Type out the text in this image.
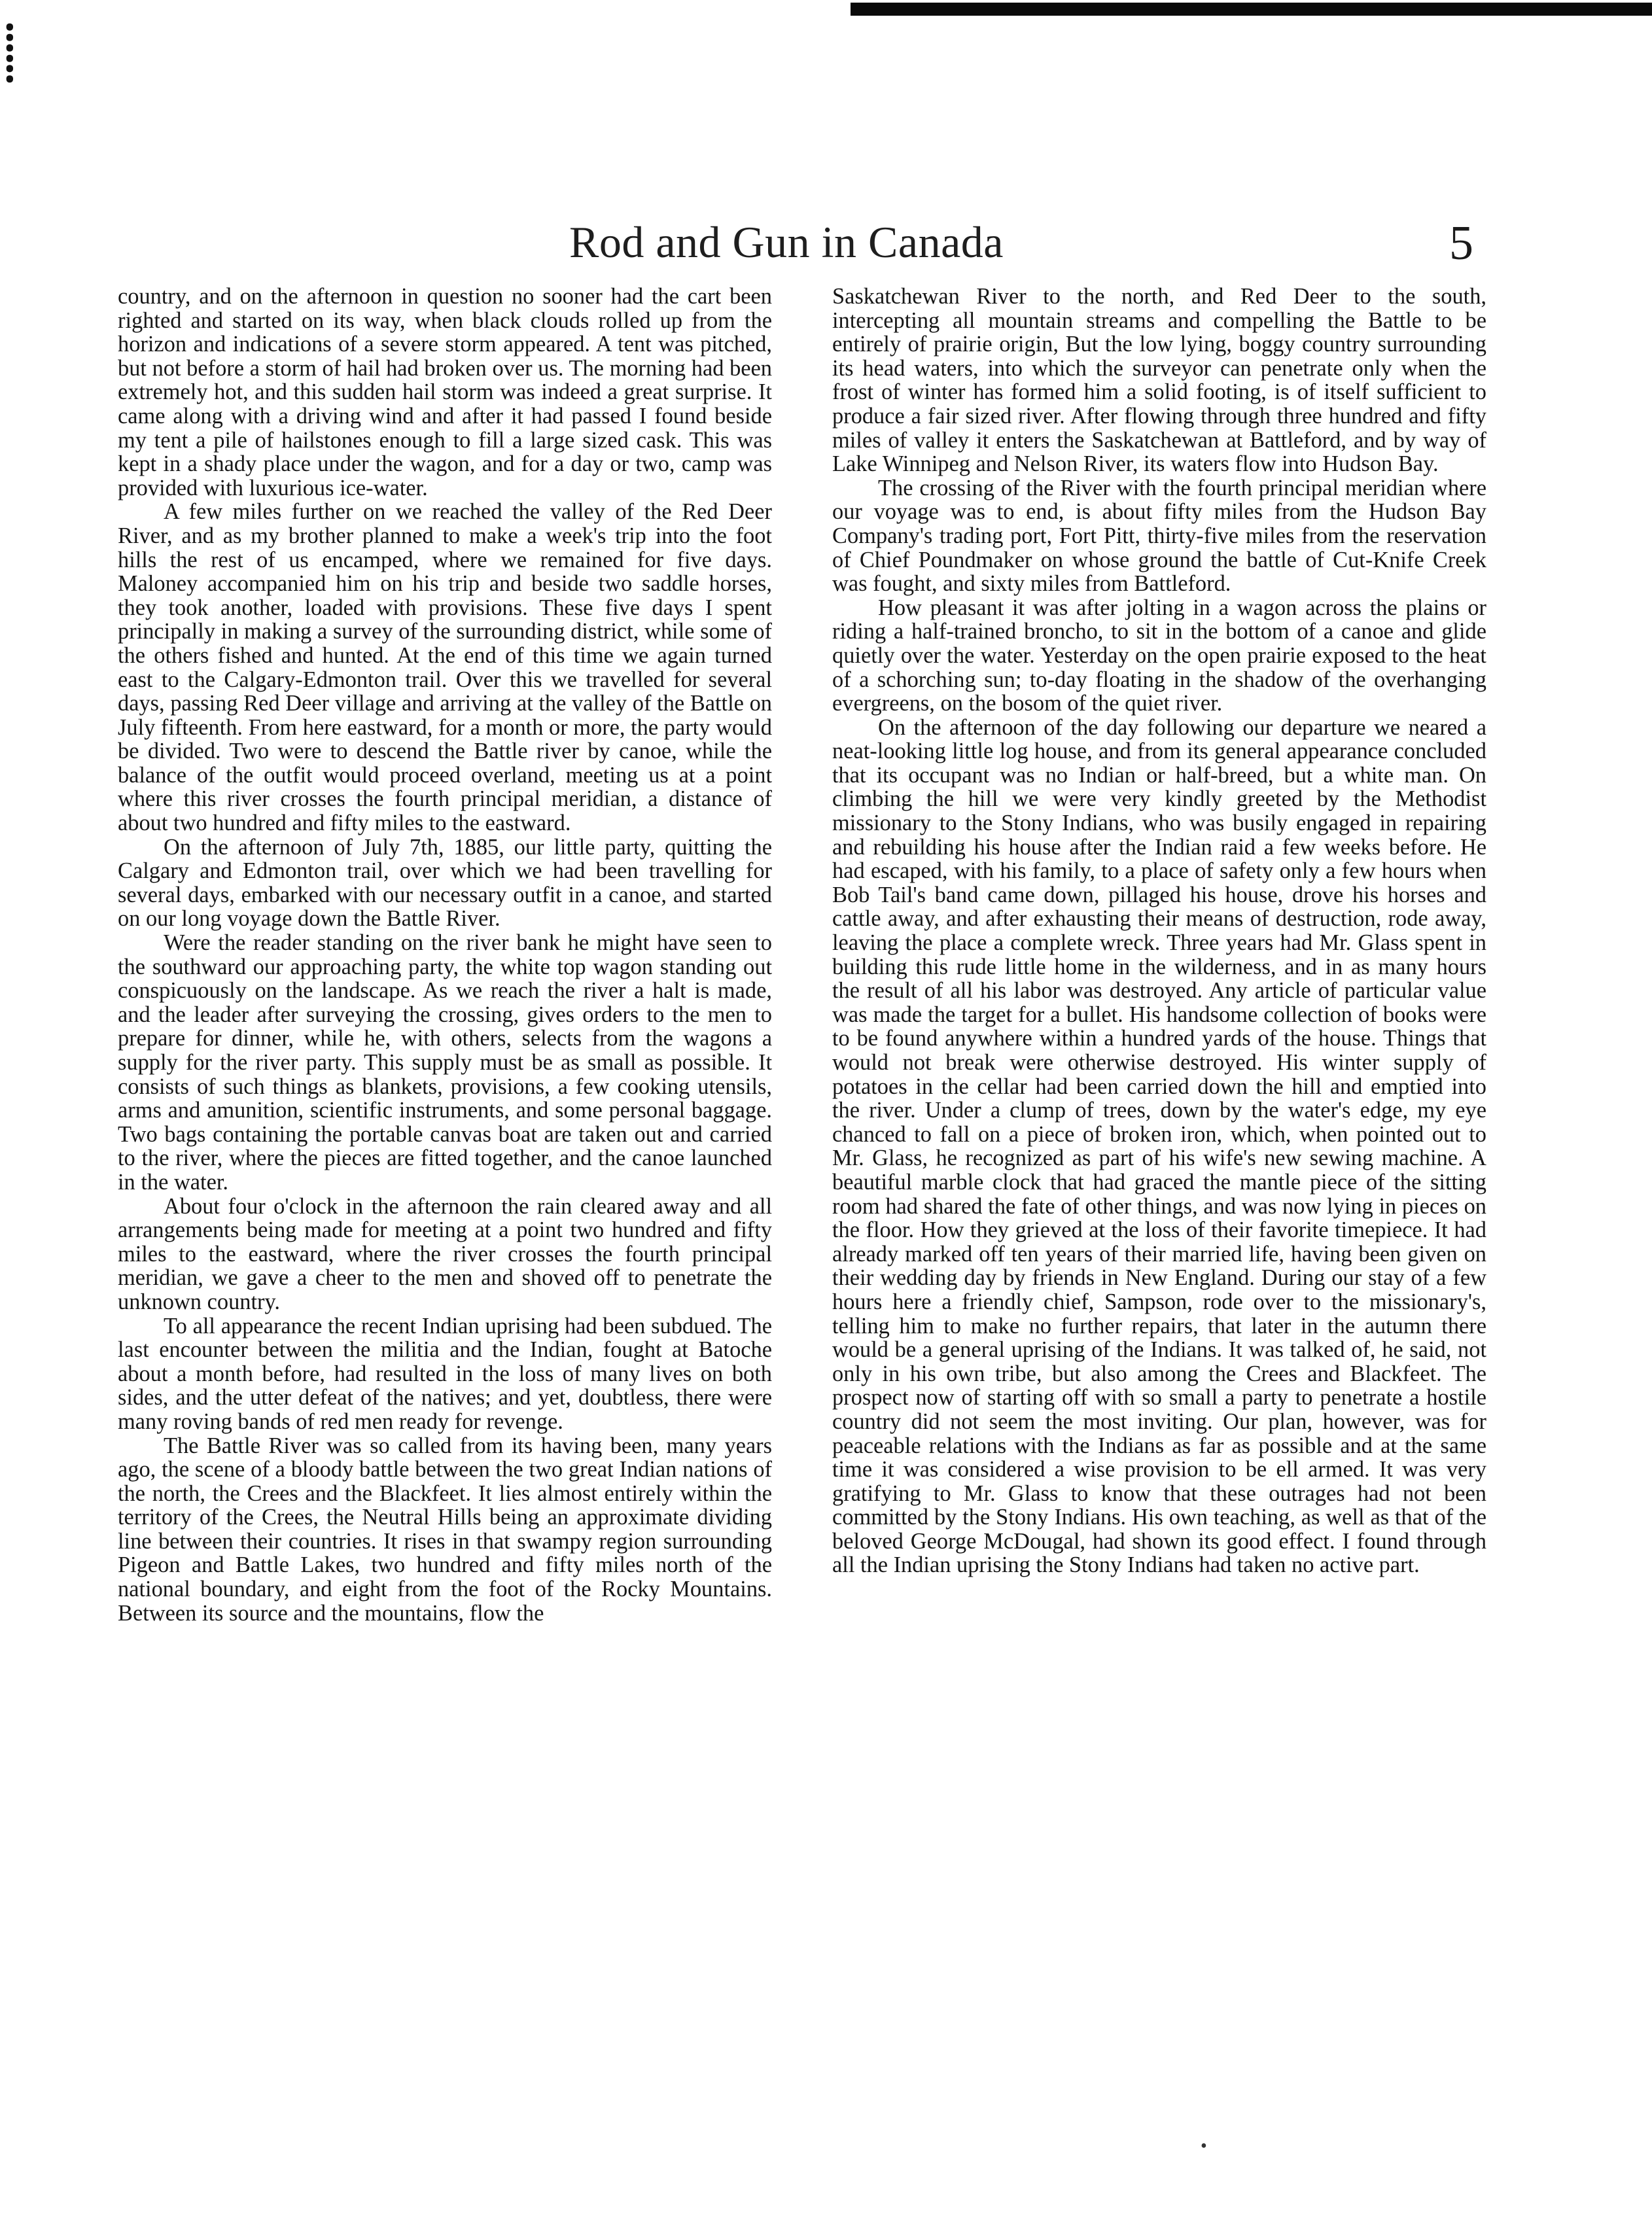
⸽
Rod and Gun in Canada	5

country, and on the afternoon in question no sooner had the cart been righted and started on its way, when black clouds rolled up from the horizon and indications of a severe storm appeared. A tent was pitched, but not before a storm of hail had broken over us. The morning had been extremely hot, and this sudden hail storm was indeed a great surprise. It came along with a driving wind and after it had passed I found beside my tent a pile of hailstones enough to fill a large sized cask. This was kept in a shady place under the wagon, and for a day or two, camp was provided with luxurious ice-water.

A few miles further on we reached the valley of the Red Deer River, and as my brother planned to make a week's trip into the foot hills the rest of us encamped, where we remained for five days. Maloney accompanied him on his trip and beside two saddle horses, they took another, loaded with provisions. These five days I spent principally in making a survey of the surrounding district, while some of the others fished and hunted. At the end of this time we again turned east to the Calgary-Edmonton trail. Over this we travelled for several days, passing Red Deer village and arriving at the valley of the Battle on July fifteenth. From here eastward, for a month or more, the party would be divided. Two were to descend the Battle river by canoe, while the balance of the outfit would proceed overland, meeting us at a point where this river crosses the fourth principal meridian, a distance of about two hundred and fifty miles to the eastward.

On the afternoon of July 7th, 1885, our little party, quitting the Calgary and Edmonton trail, over which we had been travelling for several days, embarked with our necessary outfit in a canoe, and started on our long voyage down the Battle River.

Were the reader standing on the river bank he might have seen to the southward our approaching party, the white top wagon standing out conspicuously on the landscape. As we reach the river a halt is made, and the leader after surveying the crossing, gives orders to the men to prepare for dinner, while he, with others, selects from the wagons a supply for the river party. This supply must be as small as possible. It consists of such things as blankets, provisions, a few cooking utensils, arms and amunition, scientific instruments, and some personal baggage. Two bags containing the portable canvas boat are taken out and carried to the river, where the pieces are fitted together, and the canoe launched in the water.

About four o'clock in the afternoon the rain cleared away and all arrangements being made for meeting at a point two hundred and fifty miles to the eastward, where the river crosses the fourth principal meridian, we gave a cheer to the men and shoved off to penetrate the unknown country.

To all appearance the recent Indian uprising had been subdued. The last encounter between the militia and the Indian, fought at Batoche about a month before, had resulted in the loss of many lives on both sides, and the utter defeat of the natives; and yet, doubtless, there were many roving bands of red men ready for revenge.

The Battle River was so called from its having been, many years ago, the scene of a bloody battle between the two great Indian nations of the north, the Crees and the Blackfeet. It lies almost entirely within the territory of the Crees, the Neutral Hills being an approximate dividing line between their countries. It rises in that swampy region surrounding Pigeon and Battle Lakes, two hundred and fifty miles north of the national boundary, and eight from the foot of the Rocky Mountains. Between its source and the mountains, flow the

Saskatchewan River to the north, and Red Deer to the south, intercepting all mountain streams and compelling the Battle to be entirely of prairie origin, But the low lying, boggy country surrounding its head waters, into which the surveyor can penetrate only when the frost of winter has formed him a solid footing, is of itself sufficient to produce a fair sized river. After flowing through three hundred and fifty miles of valley it enters the Saskatchewan at Battleford, and by way of Lake Winnipeg and Nelson River, its waters flow into Hudson Bay.

The crossing of the River with the fourth principal meridian where our voyage was to end, is about fifty miles from the Hudson Bay Company's trading port, Fort Pitt, thirty-five miles from the reservation of Chief Poundmaker on whose ground the battle of Cut-Knife Creek was fought, and sixty miles from Battleford.

How pleasant it was after jolting in a wagon across the plains or riding a half-trained broncho, to sit in the bottom of a canoe and glide quietly over the water. Yesterday on the open prairie exposed to the heat of a schorching sun; to-day floating in the shadow of the overhanging evergreens, on the bosom of the quiet river.

On the afternoon of the day following our departure we neared a neat-looking little log house, and from its general appearance concluded that its occupant was no Indian or half-breed, but a white man. On climbing the hill we were very kindly greeted by the Methodist missionary to the Stony Indians, who was busily engaged in repairing and rebuilding his house after the Indian raid a few weeks before. He had escaped, with his family, to a place of safety only a few hours when Bob Tail's band came down, pillaged his house, drove his horses and cattle away, and after exhausting their means of destruction, rode away, leaving the place a complete wreck. Three years had Mr. Glass spent in building this rude little home in the wilderness, and in as many hours the result of all his labor was destroyed. Any article of particular value was made the target for a bullet. His handsome collection of books were to be found anywhere within a hundred yards of the house. Things that would not break were otherwise destroyed. His winter supply of potatoes in the cellar had been carried down the hill and emptied into the river. Under a clump of trees, down by the water's edge, my eye chanced to fall on a piece of broken iron, which, when pointed out to Mr. Glass, he recognized as part of his wife's new sewing machine. A beautiful marble clock that had graced the mantle piece of the sitting room had shared the fate of other things, and was now lying in pieces on the floor. How they grieved at the loss of their favorite timepiece. It had already marked off ten years of their married life, having been given on their wedding day by friends in New England. During our stay of a few hours here a friendly chief, Sampson, rode over to the missionary's, telling him to make no further repairs, that later in the autumn there would be a general uprising of the Indians. It was talked of, he said, not only in his own tribe, but also among the Crees and Blackfeet. The prospect now of starting off with so small a party to penetrate a hostile country did not seem the most inviting. Our plan, however, was for peaceable relations with the Indians as far as possible and at the same time it was considered a wise provision to be ell armed. It was very gratifying to Mr. Glass to know that these outrages had not been committed by the Stony Indians. His own teaching, as well as that of the beloved George McDougal, had shown its good effect. I found through all the Indian uprising the Stony Indians had taken no active part.

•
